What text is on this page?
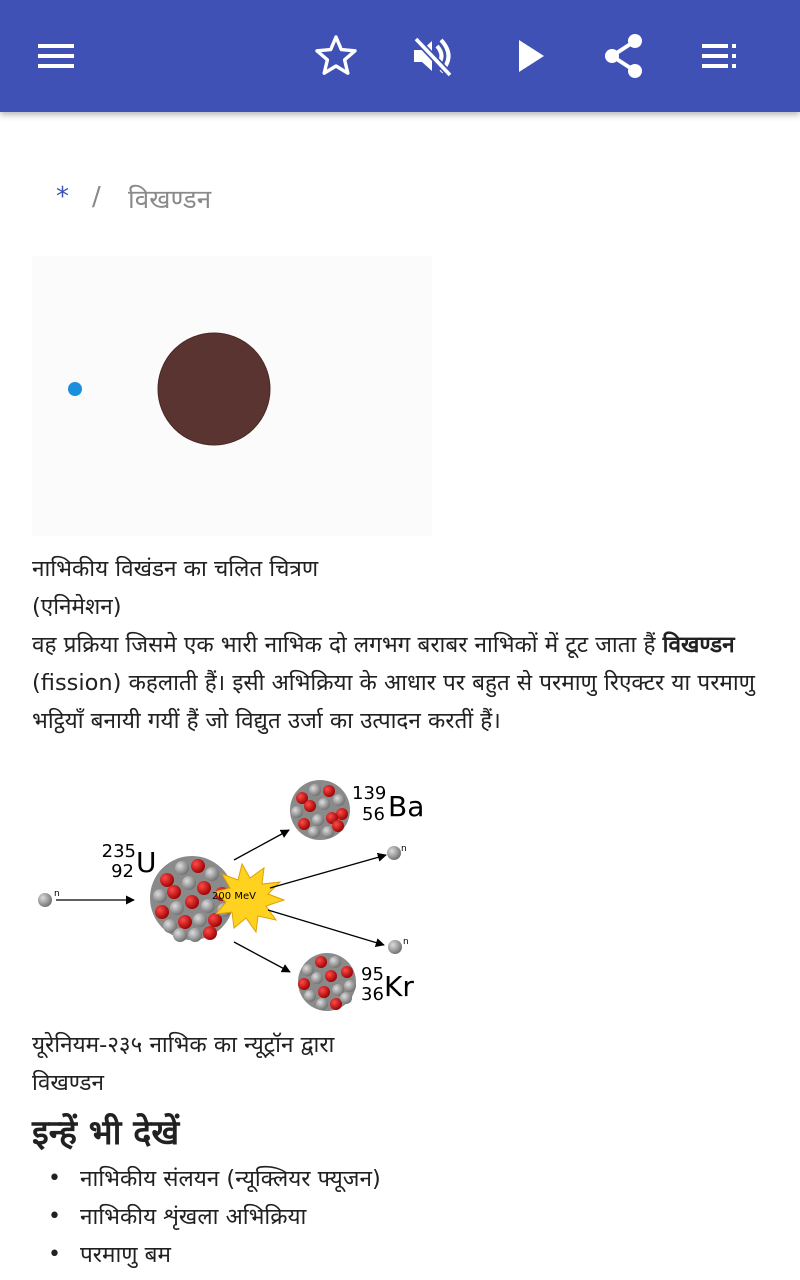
* / विखण्डन
नाभिकीय विखंडन का चलित चित्रण (एनिमेशन)
वह प्रक्रिया जिसमे एक भारी नाभिक दो लगभग बराबर नाभिकों में टूट जाता हैं विखण्डन (fission) कहलाती हैं। इसी अभिक्रिया के आधार पर बहुत से परमाणु रिएक्टर या परमाणु भट्ठियाँ बनायी गयीं हैं जो विद्युत उर्जा का उत्पादन करतीं हैं।
n
235
92 U
200 MeV
139
56 Ba
n
n
95
36 Kr
यूरेनियम-२३५ नाभिक का न्यूट्रॉन द्वारा विखण्डन
इन्हें भी देखें
• नाभिकीय संलयन (न्यूक्लियर फ्यूजन)
• नाभिकीय शृंखला अभिक्रिया
• परमाणु बम
